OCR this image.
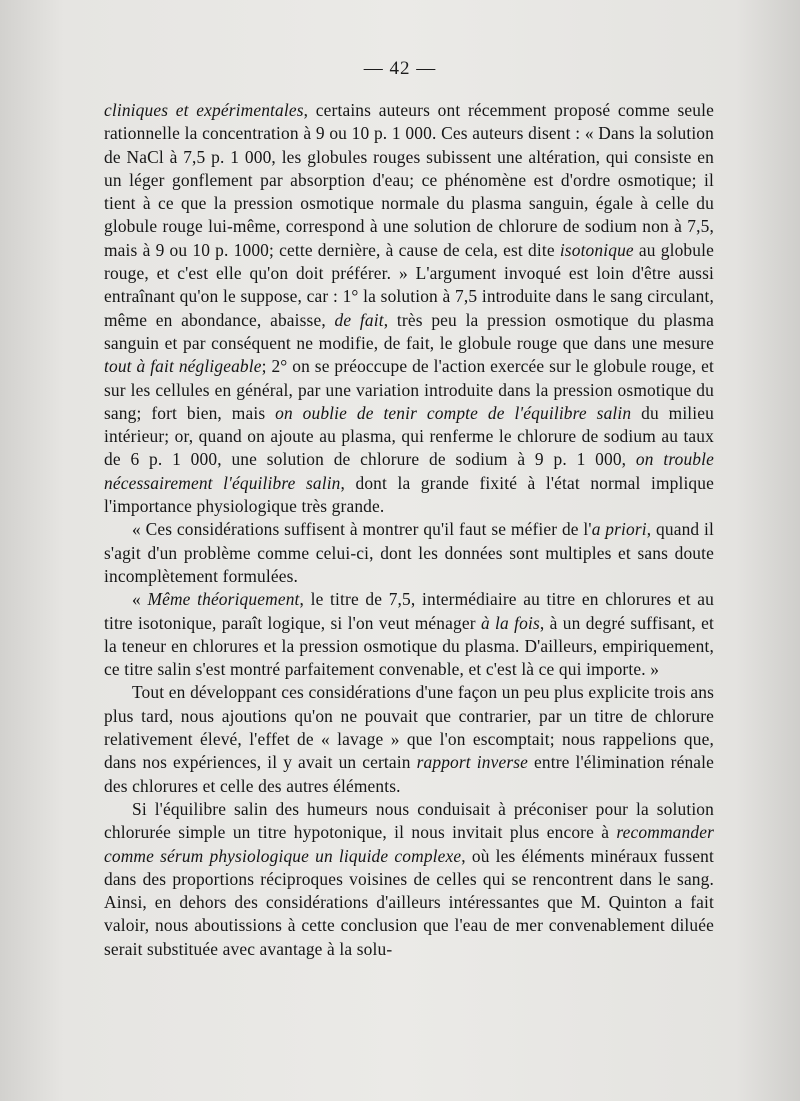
— 42 —

cliniques et expérimentales, certains auteurs ont récemment proposé comme seule rationnelle la concentration à 9 ou 10 p. 1 000. Ces auteurs disent : « Dans la solution de NaCl à 7,5 p. 1 000, les globules rouges subissent une altération, qui consiste en un léger gonflement par absorption d'eau; ce phénomène est d'ordre osmotique; il tient à ce que la pression osmotique normale du plasma sanguin, égale à celle du globule rouge lui-même, correspond à une solution de chlorure de sodium non à 7,5, mais à 9 ou 10 p. 1000; cette dernière, à cause de cela, est dite isotonique au globule rouge, et c'est elle qu'on doit préférer. » L'argument invoqué est loin d'être aussi entraînant qu'on le suppose, car : 1° la solution à 7,5 introduite dans le sang circulant, même en abondance, abaisse, de fait, très peu la pression osmotique du plasma sanguin et par conséquent ne modifie, de fait, le globule rouge que dans une mesure tout à fait négligeable; 2° on se préoccupe de l'action exercée sur le globule rouge, et sur les cellules en général, par une variation introduite dans la pression osmotique du sang; fort bien, mais on oublie de tenir compte de l'équilibre salin du milieu intérieur; or, quand on ajoute au plasma, qui renferme le chlorure de sodium au taux de 6 p. 1 000, une solution de chlorure de sodium à 9 p. 1 000, on trouble nécessairement l'équilibre salin, dont la grande fixité à l'état normal implique l'importance physiologique très grande.

« Ces considérations suffisent à montrer qu'il faut se méfier de l'a priori, quand il s'agit d'un problème comme celui-ci, dont les données sont multiples et sans doute incomplètement formulées.

« Même théoriquement, le titre de 7,5, intermédiaire au titre en chlorures et au titre isotonique, paraît logique, si l'on veut ménager à la fois, à un degré suffisant, et la teneur en chlorures et la pression osmotique du plasma. D'ailleurs, empiriquement, ce titre salin s'est montré parfaitement convenable, et c'est là ce qui importe. »

Tout en développant ces considérations d'une façon un peu plus explicite trois ans plus tard, nous ajoutions qu'on ne pouvait que contrarier, par un titre de chlorure relativement élevé, l'effet de « lavage » que l'on escomptait; nous rappelions que, dans nos expériences, il y avait un certain rapport inverse entre l'élimination rénale des chlorures et celle des autres éléments.

Si l'équilibre salin des humeurs nous conduisait à préconiser pour la solution chlorurée simple un titre hypotonique, il nous invitait plus encore à recommander comme sérum physiologique un liquide complexe, où les éléments minéraux fussent dans des proportions réciproques voisines de celles qui se rencontrent dans le sang. Ainsi, en dehors des considérations d'ailleurs intéressantes que M. Quinton a fait valoir, nous aboutissions à cette conclusion que l'eau de mer convenablement diluée serait substituée avec avantage à la solu-
